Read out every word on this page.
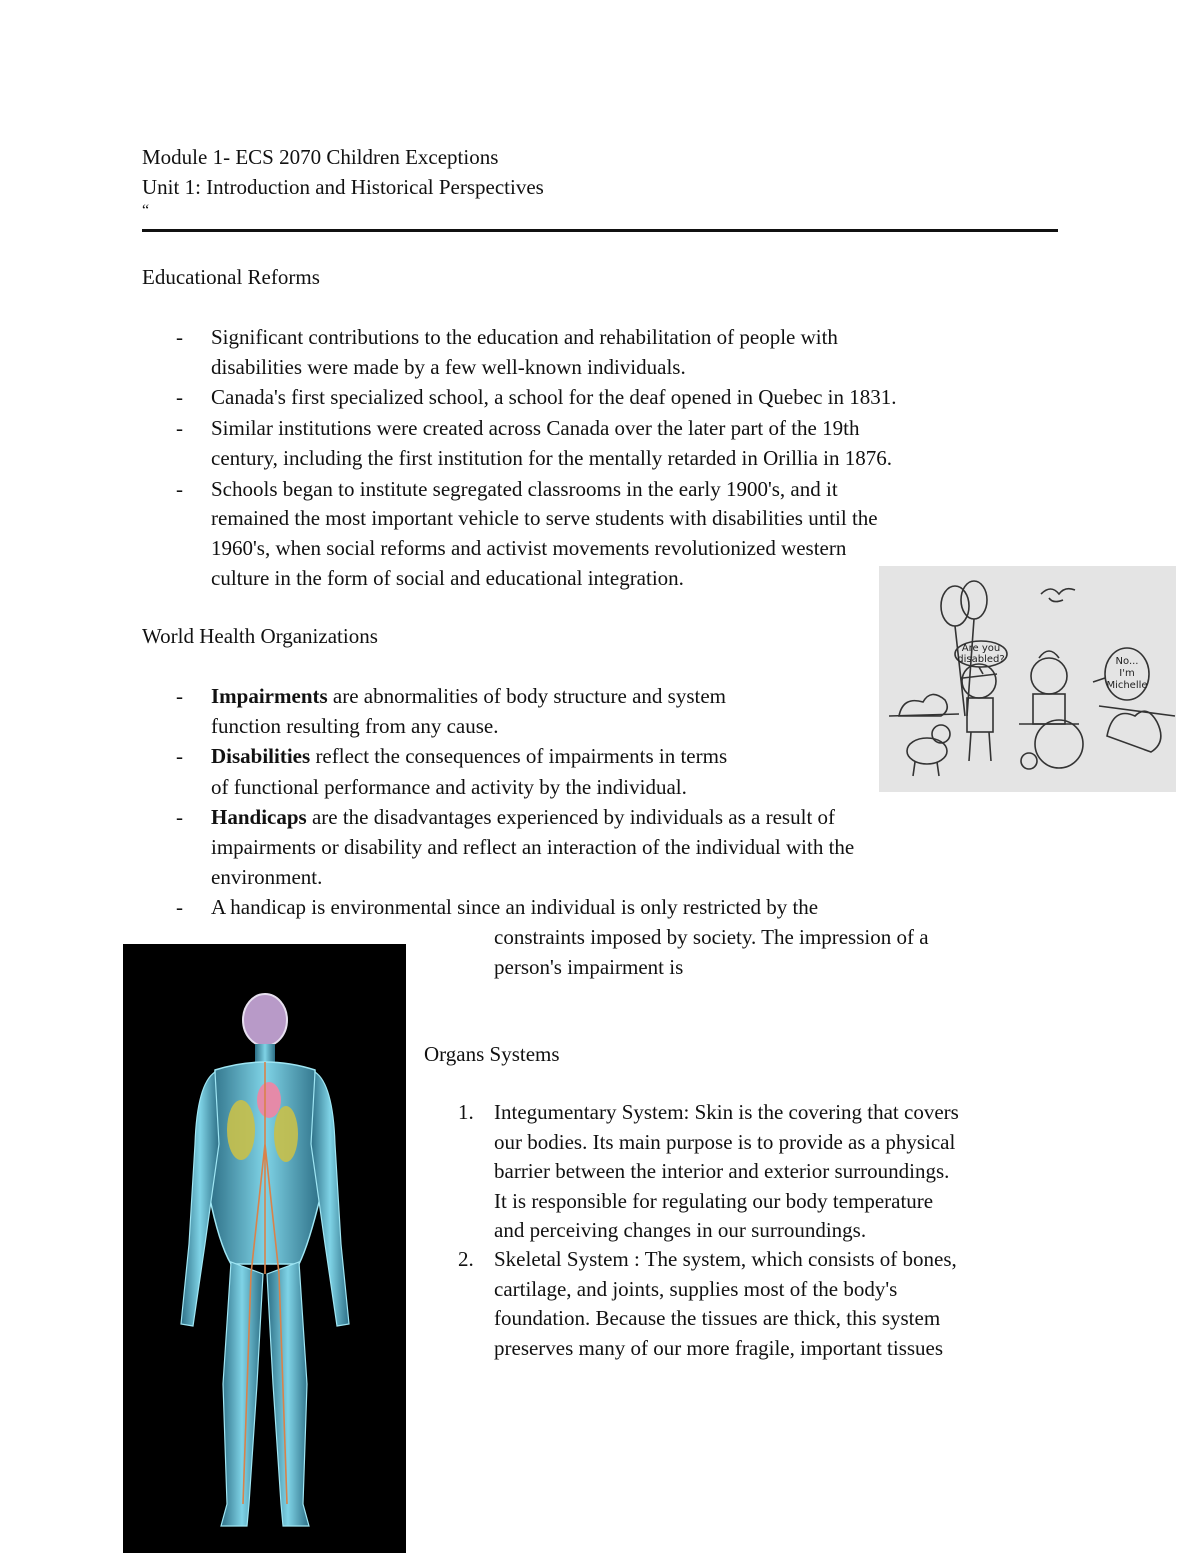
Module 1- ECS 2070 Children Exceptions
Unit 1: Introduction and Historical Perspectives
“
Educational Reforms
- Significant contributions to the education and rehabilitation of people with
disabilities were made by a few well-known individuals.
- Canada's first specialized school, a school for the deaf opened in Quebec in 1831.
- Similar institutions were created across Canada over the later part of the 19th
century, including the first institution for the mentally retarded in Orillia in 1876.
- Schools began to institute segregated classrooms in the early 1900's, and it
remained the most important vehicle to serve students with disabilities until the
1960's, when social reforms and activist movements revolutionized western
culture in the form of social and educational integration.
Are you
disabled?	No...
I'm
Michelle
World Health Organizations
- Impairments are abnormalities of body structure and system
function resulting from any cause.
- Disabilities reflect the consequences of impairments in terms
of functional performance and activity by the individual.
- Handicaps are the disadvantages experienced by individuals as a result of
impairments or disability and reflect an interaction of the individual with the
environment.
- A handicap is environmental since an individual is only restricted by the
constraints imposed by society. The impression of a
person's impairment is
Organs Systems
1. Integumentary System: Skin is the covering that covers
our bodies. Its main purpose is to provide as a physical
barrier between the interior and exterior surroundings.
It is responsible for regulating our body temperature
and perceiving changes in our surroundings.
2. Skeletal System : The system, which consists of bones,
cartilage, and joints, supplies most of the body's
foundation. Because the tissues are thick, this system
preserves many of our more fragile, important tissues
